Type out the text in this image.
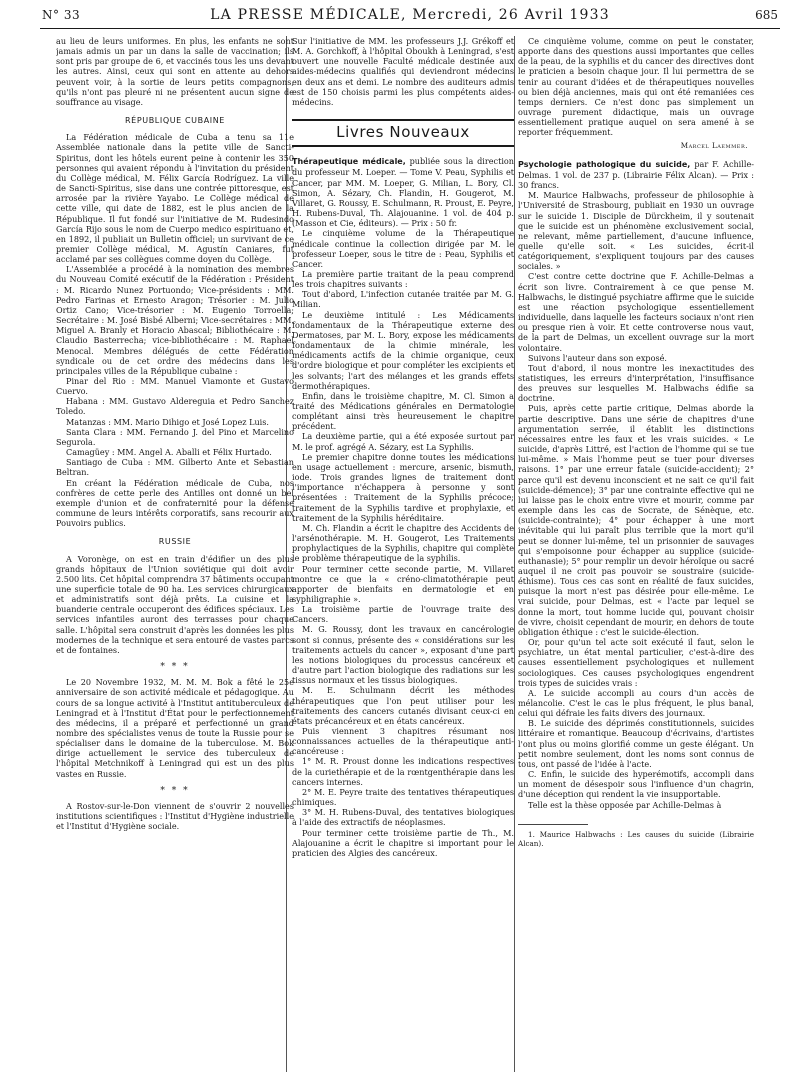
N° 33	LA PRESSE MÉDICALE, Mercredi, 26 Avril 1933	685

au lieu de leurs uniformes. En plus, les enfants ne sont jamais admis un par un dans la salle de vaccination; ils sont pris par groupe de 6, et vaccinés tous les uns devant les autres. Ainsi, ceux qui sont en attente au dehors peuvent voir, à la sortie de leurs petits compagnons, qu'ils n'ont pas pleuré ni ne présentent aucun signe de souffrance au visage.

RÉPUBLIQUE CUBAINE

La Fédération médicale de Cuba a tenu sa 11e Assemblée nationale dans la petite ville de Sancti-Spiritus, dont les hôtels eurent peine à contenir les 350 personnes qui avaient répondu à l'invitation du président du Collège médical, M. Félix García Rodríguez. La ville de Sancti-Spiritus, sise dans une contrée pittoresque, est arrosée par la rivière Yayabo. Le Collège médical de cette ville, qui date de 1882, est le plus ancien de la République. Il fut fondé sur l'initiative de M. Rudesindo García Rijo sous le nom de Cuerpo medico espirituano et, en 1892, il publiait un Bulletin officiel; un survivant de ce premier Collège médical, M. Agustín Caniares, fut acclamé par ses collègues comme doyen du Collège.

L'Assemblée a procédé à la nomination des membres du Nouveau Comité exécutif de la Fédération : Président : M. Ricardo Nunez Portuondo; Vice-présidents : MM. Pedro Farinas et Ernesto Aragon; Trésorier : M. Julio Ortiz Cano; Vice-trésorier : M. Eugenio Torroella; Secrétaire : M. José Bisbé Alberni; Vice-secrétaires : MM. Miguel A. Branly et Horacio Abascal; Bibliothécaire : M. Claudio Basterrecha; vice-bibliothécaire : M. Raphael Menocal. Membres délégués de cette Fédération syndicale ou de cet ordre des médecins dans les principales villes de la République cubaine :

Pinar del Rio : MM. Manuel Viamonte et Gustavo Cuervo.

Habana : MM. Gustavo Aldereguia et Pedro Sanchez Toledo.

Matanzas : MM. Mario Dihigo et José Lopez Luis.

Santa Clara : MM. Fernando J. del Pino et Marcelino Segurola.

Camagüey : MM. Angel A. Aballi et Félix Hurtado.

Santiago de Cuba : MM. Gilberto Ante et Sebastian Beltran.

En créant la Fédération médicale de Cuba, nos confrères de cette perle des Antilles ont donné un bel exemple d'union et de confraternité pour la défense commune de leurs intérêts corporatifs, sans recourir aux Pouvoirs publics.

RUSSIE

A Voronège, on est en train d'édifier un des plus grands hôpitaux de l'Union soviétique qui doit avoir 2.500 lits. Cet hôpital comprendra 37 bâtiments occupant une superficie totale de 90 ha. Les services chirurgicaux et administratifs sont déjà prêts. La cuisine et la buanderie centrale occuperont des édifices spéciaux. Les services infantiles auront des terrasses pour chaque salle. L'hôpital sera construit d'après les données les plus modernes de la technique et sera entouré de vastes parcs et de fontaines.

* * *

Le 20 Novembre 1932, M. M. M. Bok a fêté le 25e anniversaire de son activité médicale et pédagogique. Au cours de sa longue activité à l'Institut antituberculeux de Leningrad et à l'Institut d'État pour le perfectionnement des médecins, il a préparé et perfectionné un grand nombre des spécialistes venus de toute la Russie pour se spécialiser dans le domaine de la tuberculose. M. Bok dirige actuellement le service des tuberculeux de l'hôpital Metchnikoff à Leningrad qui est un des plus vastes en Russie.

* * *

A Rostov-sur-le-Don viennent de s'ouvrir 2 nouvelles institutions scientifiques : l'Institut d'Hygiène industrielle et l'Institut d'Hygiène sociale.

Sur l'initiative de MM. les professeurs J.J. Grékoff et M. A. Gorchkoff, à l'hôpital Oboukh à Leningrad, s'est ouvert une nouvelle Faculté médicale destinée aux aides-médecins qualifiés qui deviendront médecins en deux ans et demi. Le nombre des auditeurs admis est de 150 choisis parmi les plus compétents aides-médecins.

Livres Nouveaux

Thérapeutique médicale, publiée sous la direction du professeur M. Loeper. — Tome V. Peau, Syphilis et Cancer, par MM. M. Loeper, G. Milian, L. Bory, Cl. Simon, A. Sézary, Ch. Flandin, H. Gougerot, M. Villaret, G. Roussy, E. Schulmann, R. Proust, E. Peyre, H. Rubens-Duval, Th. Alajouanine. 1 vol. de 404 p. (Masson et Cie, éditeurs). — Prix : 50 fr.

Le cinquième volume de la Thérapeutique médicale continue la collection dirigée par M. le professeur Loeper, sous le titre de : Peau, Syphilis et Cancer.

La première partie traitant de la peau comprend les trois chapitres suivants :

Tout d'abord, L'infection cutanée traitée par M. G. Milian.

Le deuxième intitulé : Les Médicaments fondamentaux de la Thérapeutique externe des Dermatoses, par M. L. Bory, expose les médicaments fondamentaux de la chimie minérale, les médicaments actifs de la chimie organique, ceux d'ordre biologique et pour compléter les excipients et les solvants; l'art des mélanges et les grands effets dermothérapiques.

Enfin, dans le troisième chapitre, M. Cl. Simon a traité des Médications générales en Dermatologie complétant ainsi très heureusement le chapitre précédent.

La deuxième partie, qui a été exposée surtout par M. le prof. agrégé A. Sézary, est La Syphilis.

Le premier chapitre donne toutes les médications en usage actuellement : mercure, arsenic, bismuth, iode. Trois grandes lignes de traitement dont l'importance n'échappera à personne y sont présentées : Traitement de la Syphilis précoce; traitement de la Syphilis tardive et prophylaxie, et traitement de la Syphilis héréditaire.

M. Ch. Flandin a écrit le chapitre des Accidents de l'arsénothérapie. M. H. Gougerot, Les Traitements prophylactiques de la Syphilis, chapitre qui complète le problème thérapeutique de la syphilis.

Pour terminer cette seconde partie, M. Villaret montre ce que la « créno-climatothérapie peut apporter de bienfaits en dermatologie et en syphiligraphie ».

La troisième partie de l'ouvrage traite des Cancers.

M. G. Roussy, dont les travaux en cancérologie sont si connus, présente des « considérations sur les traitements actuels du cancer », exposant d'une part les notions biologiques du processus cancéreux et d'autre part l'action biologique des radiations sur les tissus normaux et les tissus biologiques.

M. E. Schulmann décrit les méthodes thérapeutiques que l'on peut utiliser pour les traitements des cancers cutanés divisant ceux-ci en états précancéreux et en états cancéreux.

Puis viennent 3 chapitres résumant nos connaissances actuelles de la thérapeutique anti-cancéreuse :

1° M. R. Proust donne les indications respectives de la curiethérapie et de la rœntgenthérapie dans les cancers internes.

2° M. E. Peyre traite des tentatives thérapeutiques chimiques.

3° M. H. Rubens-Duval, des tentatives biologiques à l'aide des extractifs de néoplasmes.

Pour terminer cette troisième partie de Th., M. Alajouanine a écrit le chapitre si important pour le praticien des Algies des cancéreux.

Ce cinquième volume, comme on peut le constater, apporte dans des questions aussi importantes que celles de la peau, de la syphilis et du cancer des directives dont le praticien a besoin chaque jour. Il lui permettra de se tenir au courant d'idées et de thérapeutiques nouvelles ou bien déjà anciennes, mais qui ont été remaniées ces temps derniers. Ce n'est donc pas simplement un ouvrage purement didactique, mais un ouvrage essentiellement pratique auquel on sera amené à se reporter fréquemment.

Marcel Laemmer.

Psychologie pathologique du suicide, par F. Achille-Delmas. 1 vol. de 237 p. (Librairie Félix Alcan). — Prix : 30 francs.

M. Maurice Halbwachs, professeur de philosophie à l'Université de Strasbourg, publiait en 1930 un ouvrage sur le suicide 1. Disciple de Dürckheim, il y soutenait que le suicide est un phénomène exclusivement social, ne relevant, même partiellement, d'aucune influence, quelle qu'elle soit. « Les suicides, écrit-il catégoriquement, s'expliquent toujours par des causes sociales. »

C'est contre cette doctrine que F. Achille-Delmas a écrit son livre. Contrairement à ce que pense M. Halbwachs, le distingué psychiatre affirme que le suicide est une réaction psychologique essentiellement individuelle, dans laquelle les facteurs sociaux n'ont rien ou presque rien à voir. Et cette controverse nous vaut, de la part de Delmas, un excellent ouvrage sur la mort volontaire.

Suivons l'auteur dans son exposé.

Tout d'abord, il nous montre les inexactitudes des statistiques, les erreurs d'interprétation, l'insuffisance des preuves sur lesquelles M. Halbwachs édifie sa doctrine.

Puis, après cette partie critique, Delmas aborde la partie descriptive. Dans une série de chapitres d'une argumentation serrée, il établit les distinctions nécessaires entre les faux et les vrais suicides. « Le suicide, d'après Littré, est l'action de l'homme qui se tue lui-même. » Mais l'homme peut se tuer pour diverses raisons. 1° par une erreur fatale (suicide-accident); 2° parce qu'il est devenu inconscient et ne sait ce qu'il fait (suicide-démence); 3° par une contrainte effective qui ne lui laisse pas le choix entre vivre et mourir, comme par exemple dans les cas de Socrate, de Sénèque, etc. (suicide-contrainte); 4° pour échapper à une mort inévitable qui lui paraît plus terrible que la mort qu'il peut se donner lui-même, tel un prisonnier de sauvages qui s'empoisonne pour échapper au supplice (suicide-euthanasie); 5° pour remplir un devoir héroïque ou sacré auquel il ne croit pas pouvoir se soustraire (suicide-éthisme). Tous ces cas sont en réalité de faux suicides, puisque la mort n'est pas désirée pour elle-même. Le vrai suicide, pour Delmas, est « l'acte par lequel se donne la mort, tout homme lucide qui, pouvant choisir de vivre, choisit cependant de mourir, en dehors de toute obligation éthique : c'est le suicide-élection.

Or, pour qu'un tel acte soit exécuté il faut, selon le psychiatre, un état mental particulier, c'est-à-dire des causes essentiellement psychologiques et nullement sociologiques. Ces causes psychologiques engendrent trois types de suicides vrais :

A. Le suicide accompli au cours d'un accès de mélancolie. C'est le cas le plus fréquent, le plus banal, celui qui défraie les faits divers des journaux.

B. Le suicide des déprimés constitutionnels, suicides littéraire et romantique. Beaucoup d'écrivains, d'artistes l'ont plus ou moins glorifié comme un geste élégant. Un petit nombre seulement, dont les noms sont connus de tous, ont passé de l'idée à l'acte.

C. Enfin, le suicide des hyperémotifs, accompli dans un moment de désespoir sous l'influence d'un chagrin, d'une déception qui rendent la vie insupportable.

Telle est la thèse opposée par Achille-Delmas à

1. Maurice Halbwachs : Les causes du suicide (Librairie Alcan).
